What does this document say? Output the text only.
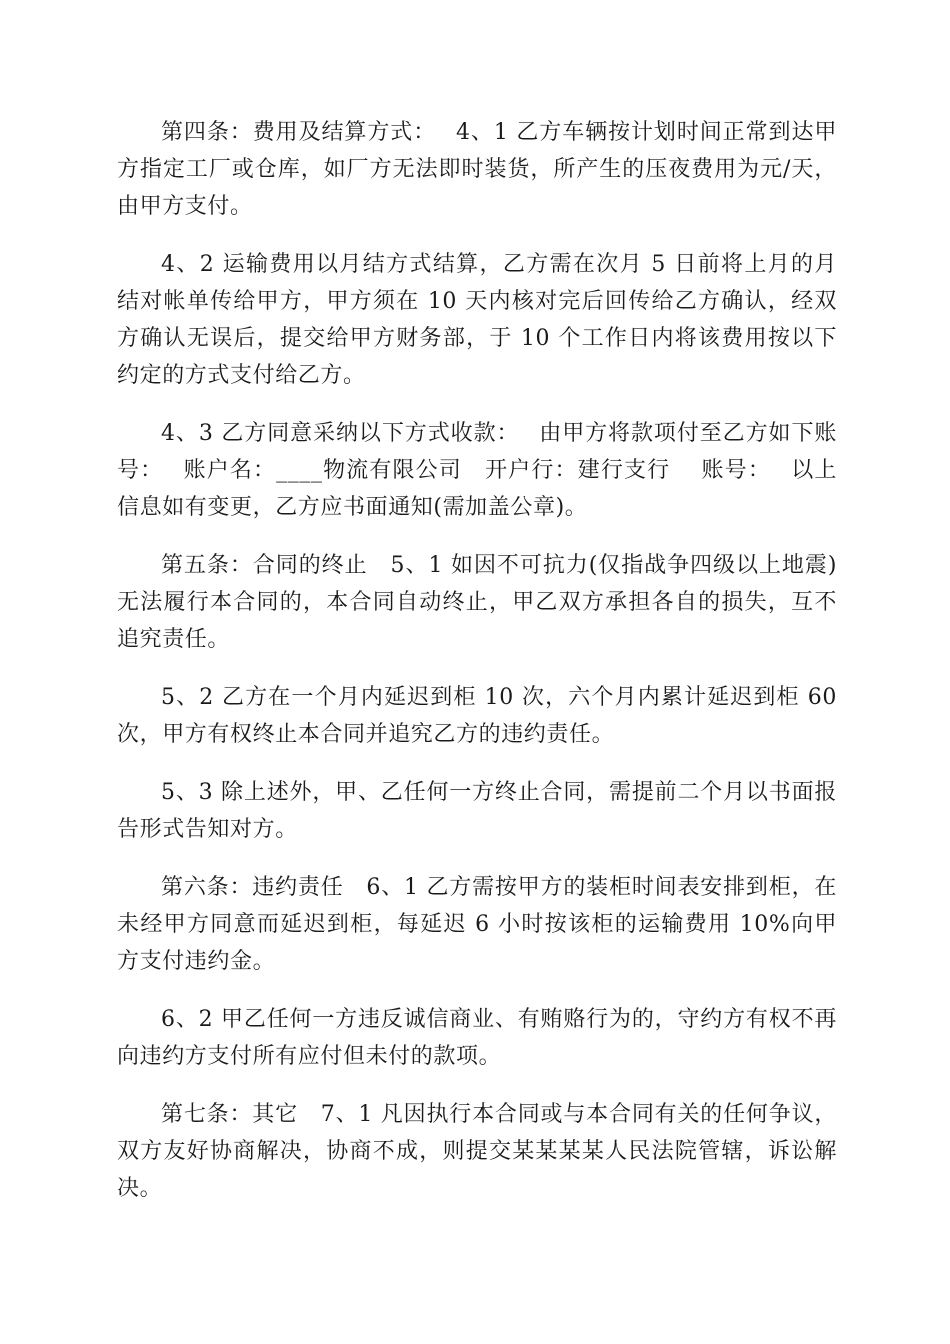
第四条：费用及结算方式：　 4、1 乙方车辆按计划时间正常到达甲方指定工厂或仓库，如厂方无法即时装货，所产生的压夜费用为元/天，由甲方支付。

4、2 运输费用以月结方式结算，乙方需在次月 5 日前将上月的月结对帐单传给甲方，甲方须在 10 天内核对完后回传给乙方确认，经双方确认无误后，提交给甲方财务部，于 10 个工作日内将该费用按以下约定的方式支付给乙方。

4、3 乙方同意采纳以下方式收款：　 由甲方将款项付至乙方如下账号：　 账户名：____物流有限公司　开户行：建行支行　 账号：　 以上信息如有变更，乙方应书面通知(需加盖公章)。

第五条：合同的终止　5、1 如因不可抗力(仅指战争四级以上地震)无法履行本合同的，本合同自动终止，甲乙双方承担各自的损失，互不追究责任。

5、2 乙方在一个月内延迟到柜 10 次，六个月内累计延迟到柜 60 次，甲方有权终止本合同并追究乙方的违约责任。

5、3 除上述外，甲、乙任何一方终止合同，需提前二个月以书面报告形式告知对方。

第六条：违约责任　6、1 乙方需按甲方的装柜时间表安排到柜，在未经甲方同意而延迟到柜，每延迟 6 小时按该柜的运输费用 10%向甲方支付违约金。

6、2 甲乙任何一方违反诚信商业、有贿赂行为的，守约方有权不再向违约方支付所有应付但未付的款项。

第七条：其它　7、1 凡因执行本合同或与本合同有关的任何争议，双方友好协商解决，协商不成，则提交某某某某人民法院管辖，诉讼解决。
